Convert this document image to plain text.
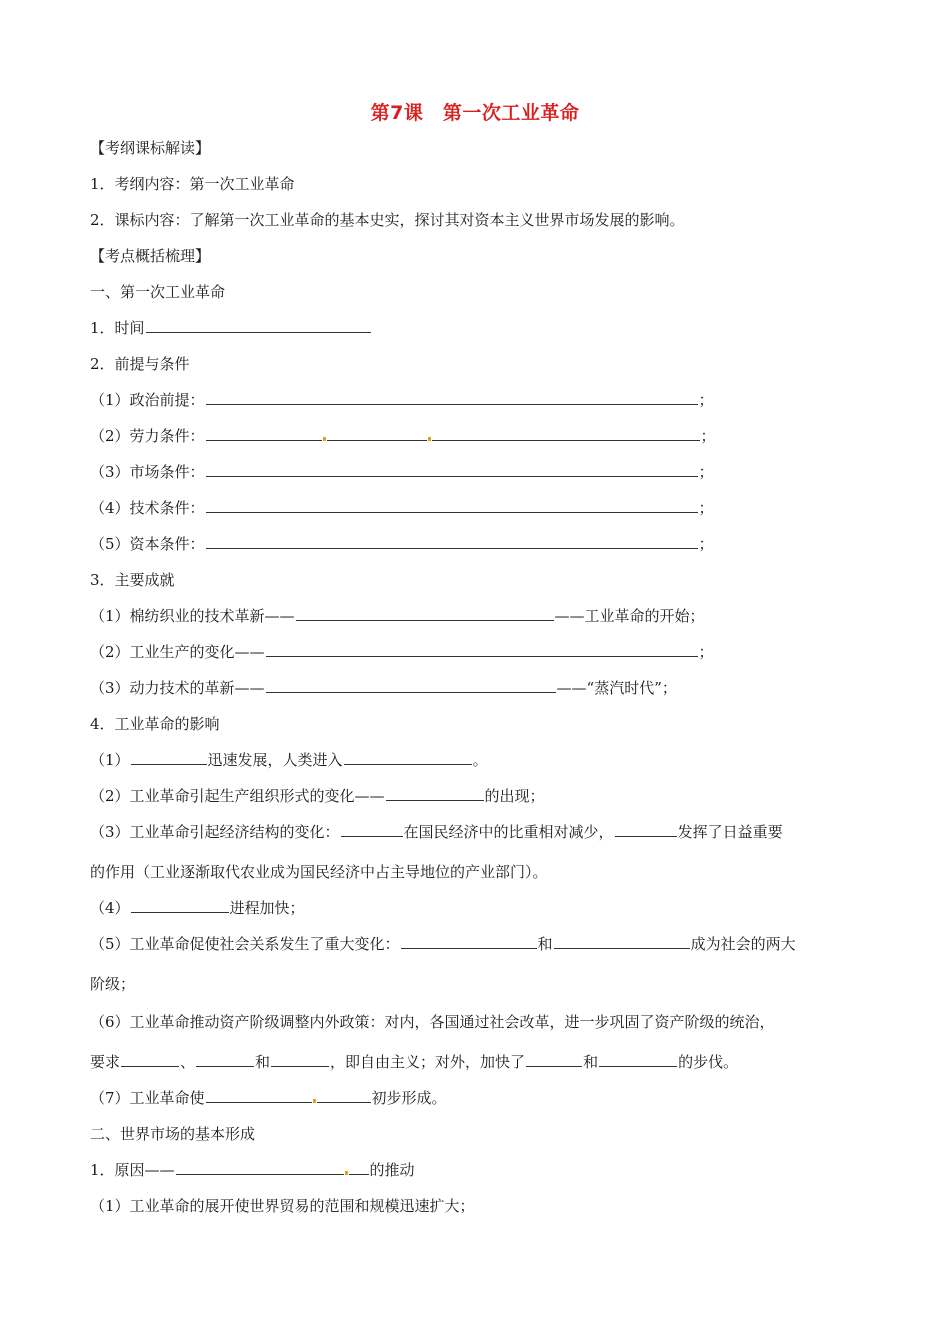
第7课　第一次工业革命
【考纲课标解读】
1．考纲内容：第一次工业革命
2．课标内容：了解第一次工业革命的基本史实，探讨其对资本主义世界市场发展的影响。
【考点概括梳理】
一、第一次工业革命
1．时间
2．前提与条件
（1）政治前提：	；
（2）劳力条件：	；
（3）市场条件：	；
（4）技术条件：	；
（5）资本条件：	；
3．主要成就
（1）棉纺织业的技术革新——	——工业革命的开始；
（2）工业生产的变化——	；
（3）动力技术的革新——	——“蒸汽时代”；
4．工业革命的影响
（1）	迅速发展，人类进入	。
（2）工业革命引起生产组织形式的变化——	的出现；
（3）工业革命引起经济结构的变化：	在国民经济中的比重相对减少，	发挥了日益重要
的作用（工业逐渐取代农业成为国民经济中占主导地位的产业部门）。
（4）	进程加快；
（5）工业革命促使社会关系发生了重大变化：	和	成为社会的两大
阶级；
（6）工业革命推动资产阶级调整内外政策：对内，各国通过社会改革，进一步巩固了资产阶级的统治，
要求	、	和	，即自由主义；对外，加快了	和	的步伐。
（7）工业革命使	初步形成。
二、世界市场的基本形成
1．原因——	的推动
（1）工业革命的展开使世界贸易的范围和规模迅速扩大；
